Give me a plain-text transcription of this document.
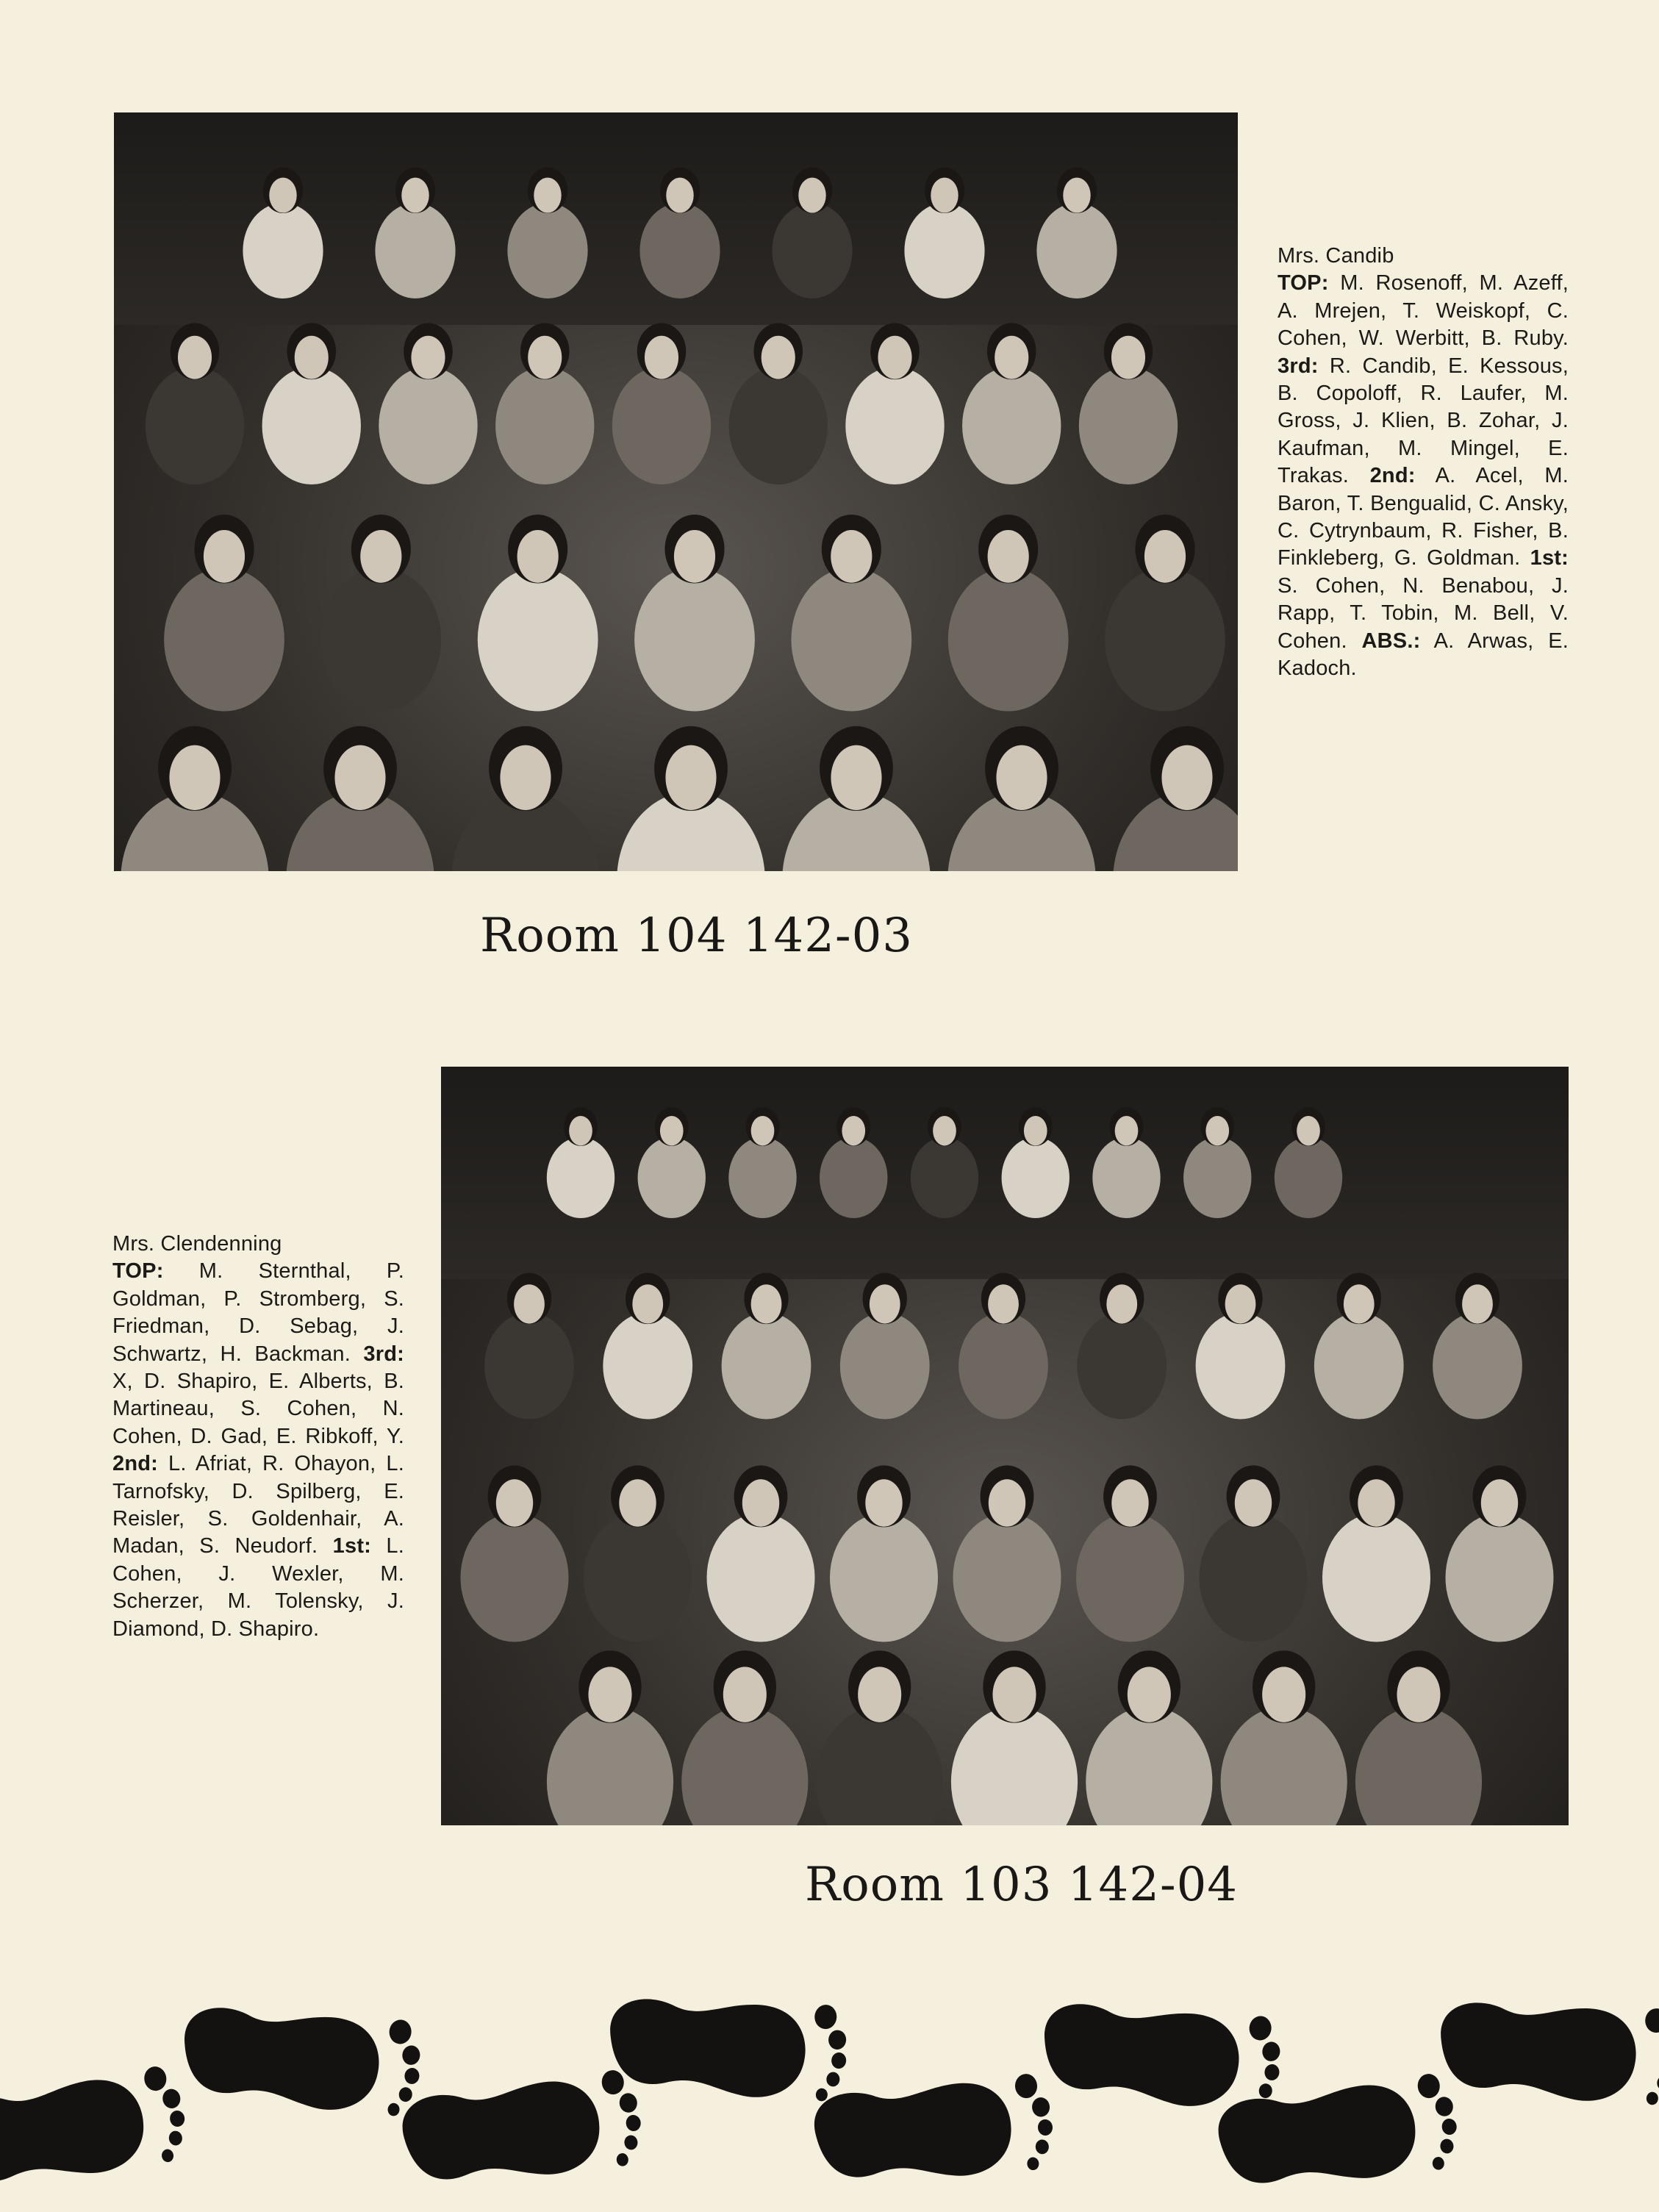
Mrs. Candib
TOP: M. Rosenoff, M. Azeff, A. Mrejen, T. Weiskopf, C. Cohen, W. Werbitt, B. Ruby. 3rd: R. Candib, E. Kessous, B. Copoloff, R. Laufer, M. Gross, J. Klien, B. Zohar, J. Kaufman, M. Mingel, E. Trakas. 2nd: A. Acel, M. Baron, T. Bengualid, C. Ansky, C. Cytrynbaum, R. Fisher, B. Finkleberg, G. Goldman. 1st: S. Cohen, N. Benabou, J. Rapp, T. Tobin, M. Bell, V. Cohen. ABS.: A. Arwas, E. Kadoch.
Room 104 142-03
Mrs. Clendenning
TOP: M. Sternthal, P. Goldman, P. Stromberg, S. Friedman, D. Sebag, J. Schwartz, H. Backman. 3rd: X, D. Shapiro, E. Alberts, B. Martineau, S. Cohen, N. Cohen, D. Gad, E. Ribkoff, Y. 2nd: L. Afriat, R. Ohayon, L. Tarnofsky, D. Spilberg, E. Reisler, S. Goldenhair, A. Madan, S. Neudorf. 1st: L. Cohen, J. Wexler, M. Scherzer, M. Tolensky, J. Diamond, D. Shapiro.
Room 103 142-04
